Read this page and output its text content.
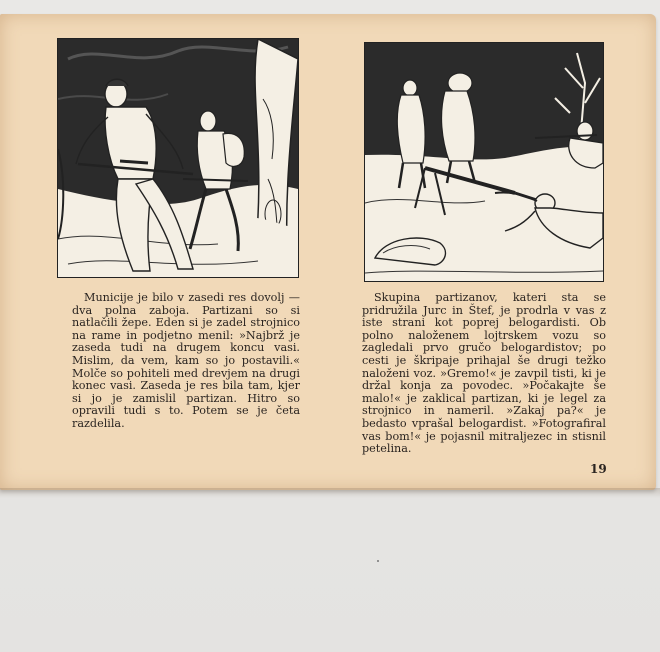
Municije je bilo v zasedi res dovolj — dva polna zaboja. Partizani so si natlačili žepe. Eden si je zadel strojnico na rame in podjetno menil: »Najbrž je zaseda tudi na drugem koncu vasi. Mislim, da vem, kam so jo postavili.« Molče so pohiteli med drevjem na drugi konec vasi. Zaseda je res bila tam, kjer si jo je zamislil partizan. Hitro so opravili tudi s to. Potem se je četa razdelila.

Skupina partizanov, kateri sta se pridružila Jurc in Štef, je prodrla v vas z iste strani kot poprej belogardisti. Ob polno naloženem lojtrskem vozu so zagledali prvo gručo belogardistov; po cesti je škripaje prihajal še drugi težko naloženi voz. »Gremo!« je zavpil tisti, ki je držal konja za povodec. »Počakajte še malo!« je zaklical partizan, ki je legel za strojnico in nameril. »Zakaj pa?« je bedasto vprašal belogardist. »Fotografiral vas bom!« je pojasnil mitraljezec in stisnil petelina.

19
